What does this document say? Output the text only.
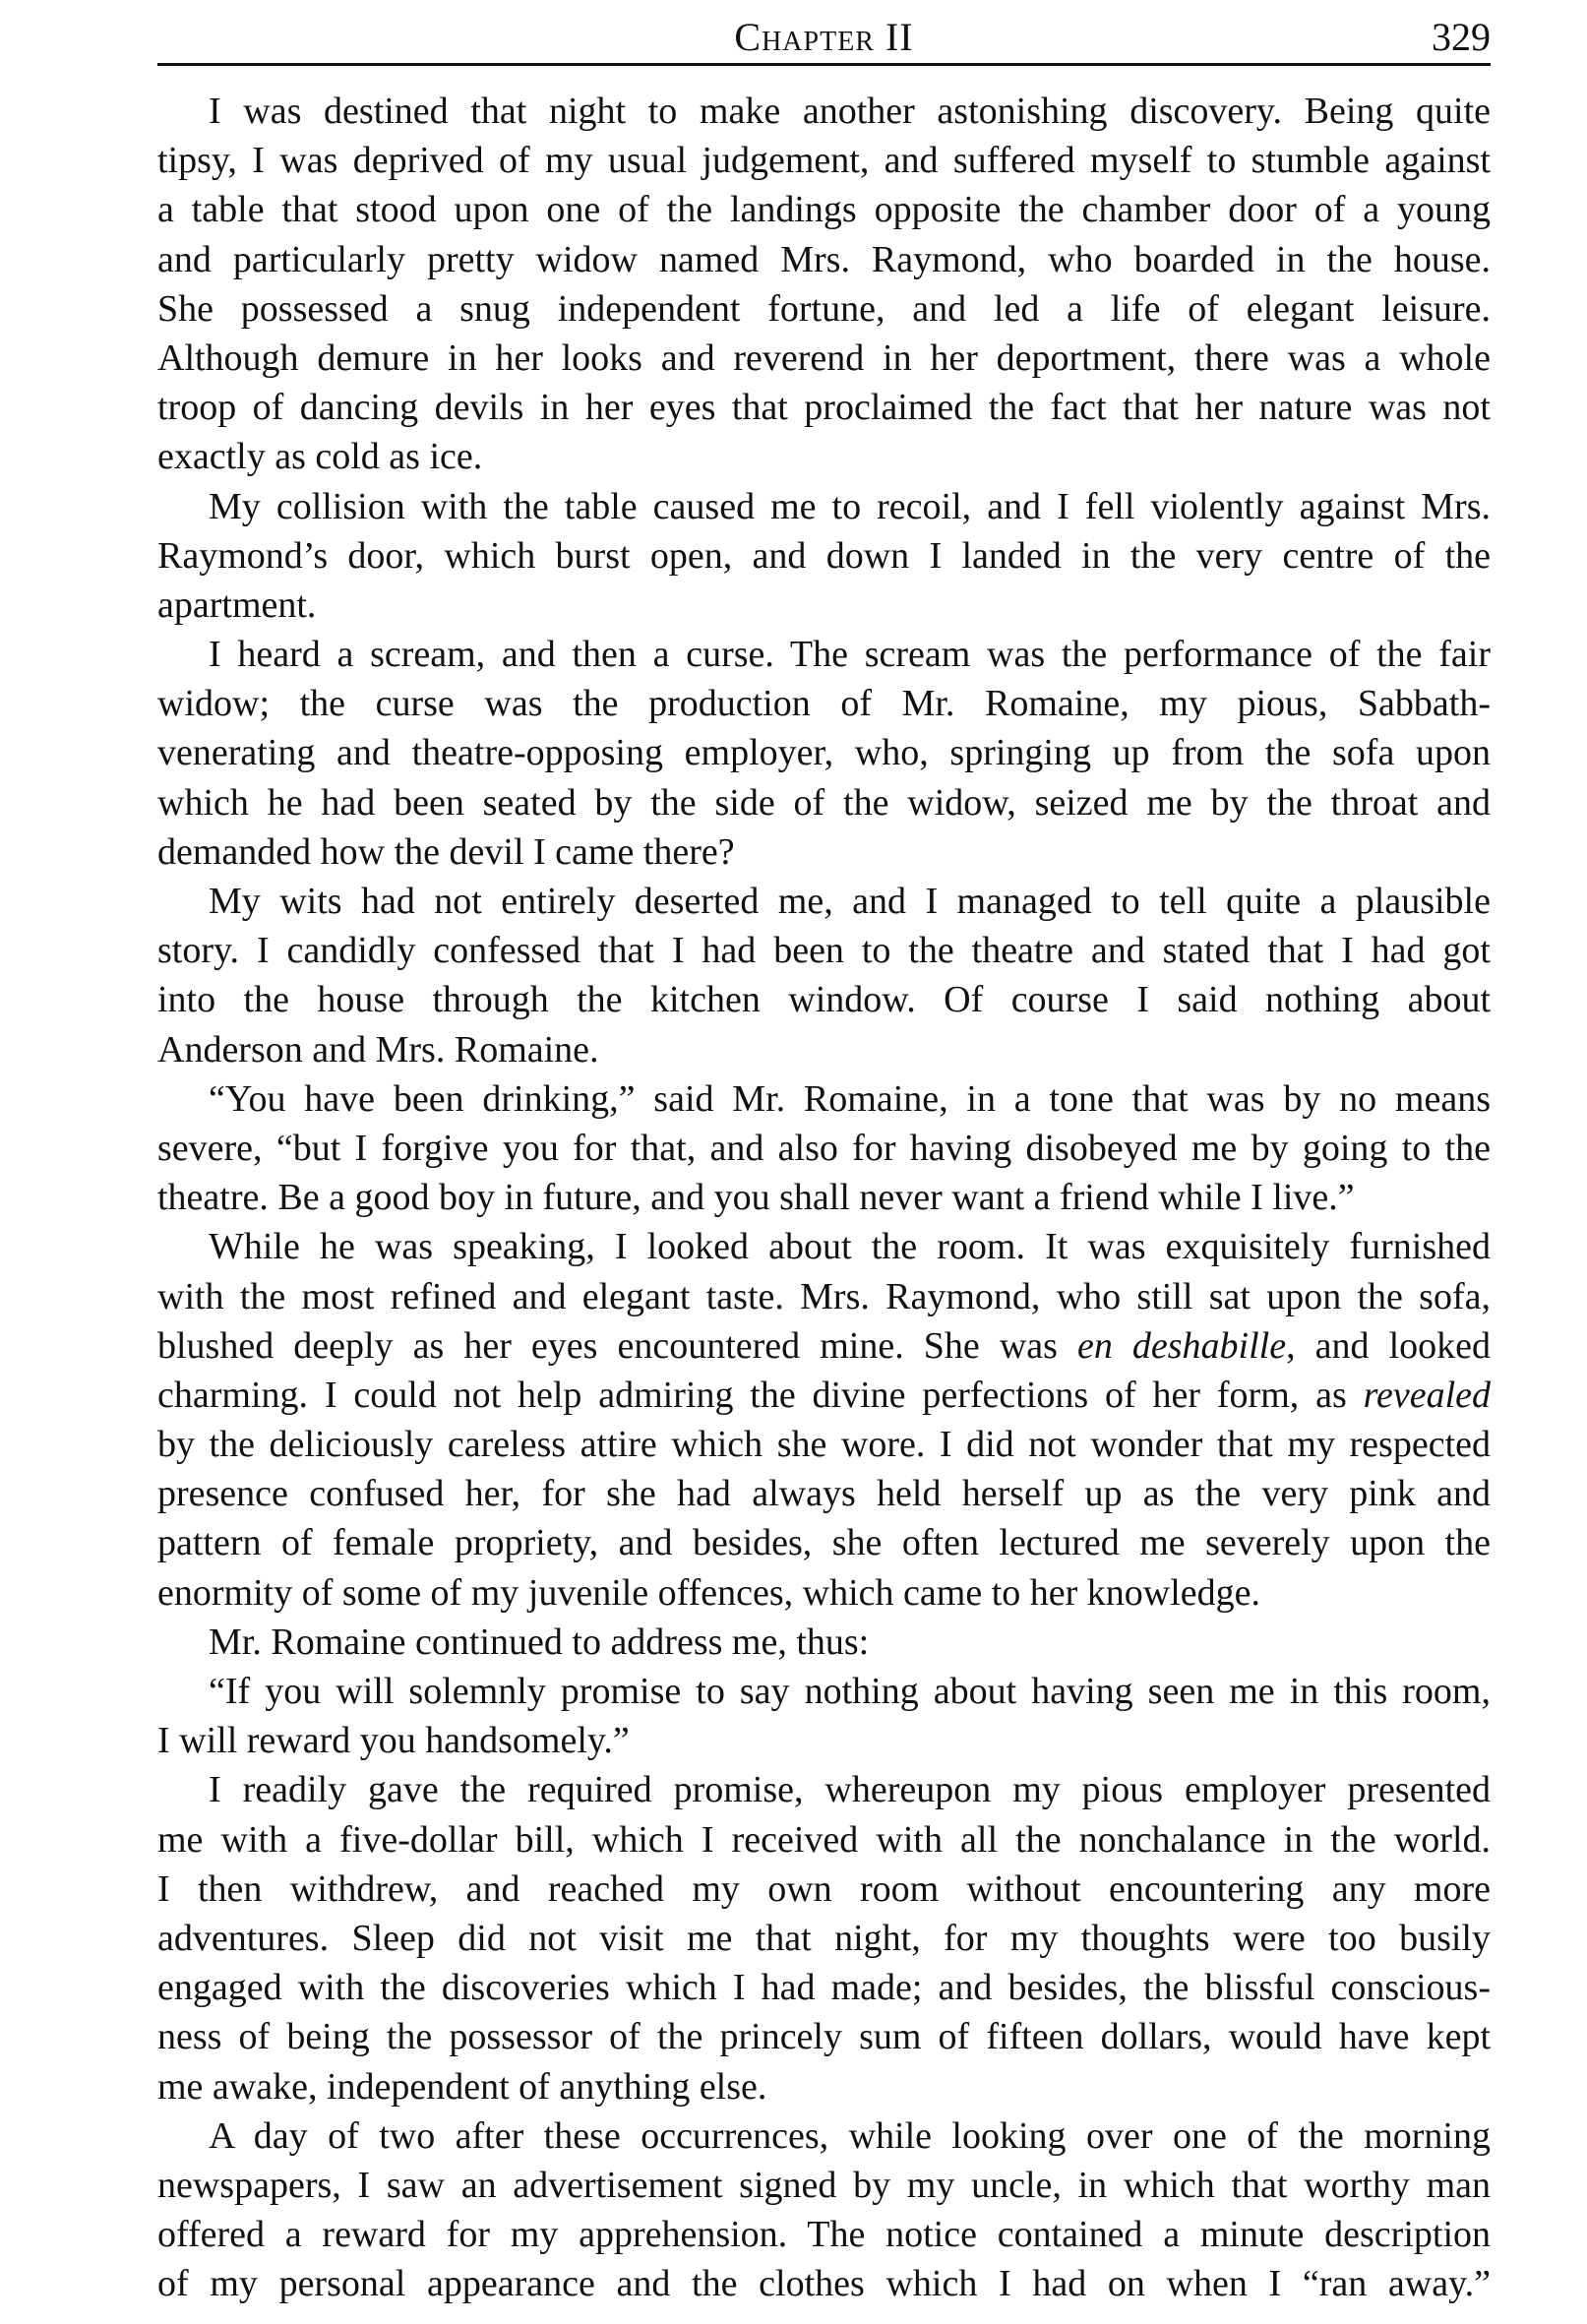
Chapter II	329
I was destined that night to make another astonishing discovery. Being quite
tipsy, I was deprived of my usual judgement, and suffered myself to stumble against
a table that stood upon one of the landings opposite the chamber door of a young
and particularly pretty widow named Mrs. Raymond, who boarded in the house.
She possessed a snug independent fortune, and led a life of elegant leisure.
Although demure in her looks and reverend in her deportment, there was a whole
troop of dancing devils in her eyes that proclaimed the fact that her nature was not
exactly as cold as ice.
My collision with the table caused me to recoil, and I fell violently against Mrs.
Raymond’s door, which burst open, and down I landed in the very centre of the
apartment.
I heard a scream, and then a curse. The scream was the performance of the fair
widow; the curse was the production of Mr. Romaine, my pious, Sabbath-
venerating and theatre-opposing employer, who, springing up from the sofa upon
which he had been seated by the side of the widow, seized me by the throat and
demanded how the devil I came there?
My wits had not entirely deserted me, and I managed to tell quite a plausible
story. I candidly confessed that I had been to the theatre and stated that I had got
into the house through the kitchen window. Of course I said nothing about
Anderson and Mrs. Romaine.
“You have been drinking,” said Mr. Romaine, in a tone that was by no means
severe, “but I forgive you for that, and also for having disobeyed me by going to the
theatre. Be a good boy in future, and you shall never want a friend while I live.”
While he was speaking, I looked about the room. It was exquisitely furnished
with the most refined and elegant taste. Mrs. Raymond, who still sat upon the sofa,
blushed deeply as her eyes encountered mine. She was en deshabille, and looked
charming. I could not help admiring the divine perfections of her form, as revealed
by the deliciously careless attire which she wore. I did not wonder that my respected
presence confused her, for she had always held herself up as the very pink and
pattern of female propriety, and besides, she often lectured me severely upon the
enormity of some of my juvenile offences, which came to her knowledge.
Mr. Romaine continued to address me, thus:
“If you will solemnly promise to say nothing about having seen me in this room,
I will reward you handsomely.”
I readily gave the required promise, whereupon my pious employer presented
me with a five-dollar bill, which I received with all the nonchalance in the world.
I then withdrew, and reached my own room without encountering any more
adventures. Sleep did not visit me that night, for my thoughts were too busily
engaged with the discoveries which I had made; and besides, the blissful conscious-
ness of being the possessor of the princely sum of fifteen dollars, would have kept
me awake, independent of anything else.
A day of two after these occurrences, while looking over one of the morning
newspapers, I saw an advertisement signed by my uncle, in which that worthy man
offered a reward for my apprehension. The notice contained a minute description
of my personal appearance and the clothes which I had on when I “ran away.”
